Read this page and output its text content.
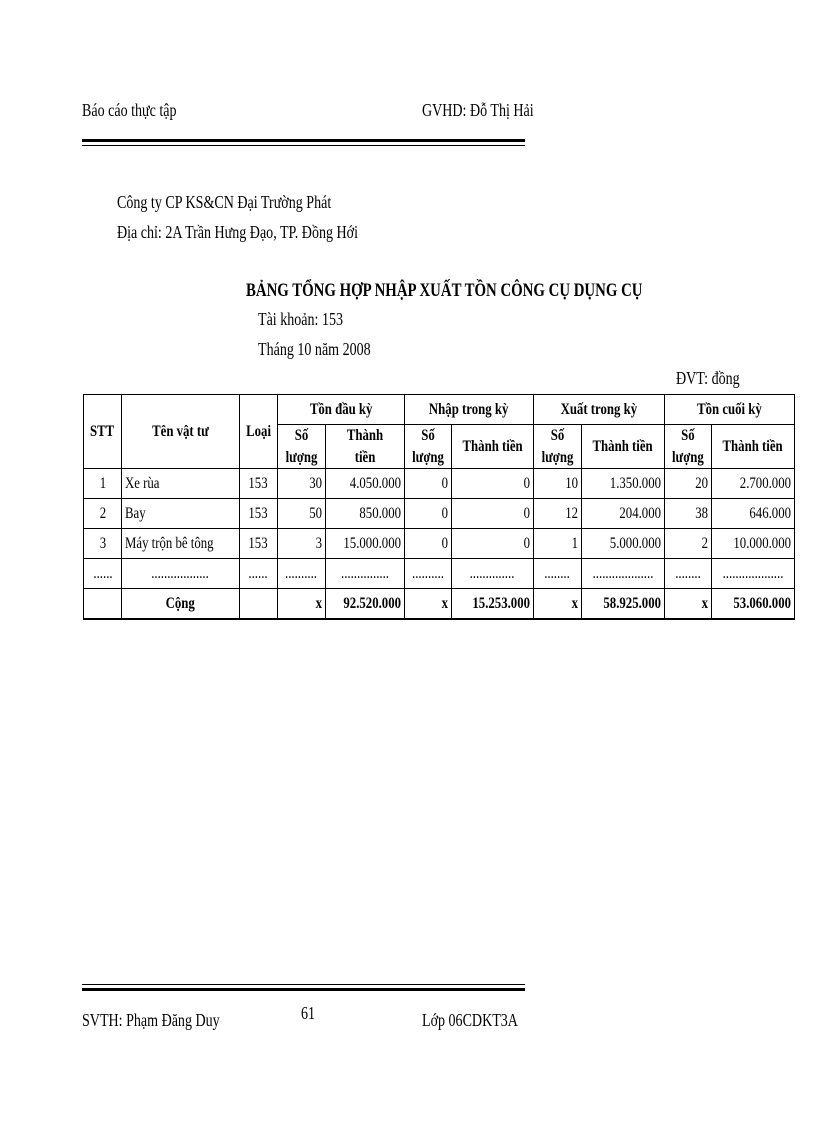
Báo cáo thực tập	GVHD: Đỗ Thị Hải
Công ty CP KS&CN Đại Trường Phát
Địa chỉ: 2A Trần Hưng Đạo, TP. Đồng Hới
BẢNG TỔNG HỢP NHẬP XUẤT TỒN CÔNG CỤ DỤNG CỤ
Tài khoản: 153
Tháng 10 năm 2008
ĐVT: đồng
STT	Tên vật tư	Loại	Tồn đầu kỳ		Nhập trong kỳ		Xuất trong kỳ		Tồn cuối kỳ	
			Số lượng	Thành tiền	Số lượng	Thành tiền	Số lượng	Thành tiền	Số lượng	Thành tiền

1	Xe rùa	153	30	4.050.000	0	0	10	1.350.000	20	2.700.000
2	Bay	153	50	850.000	0	0	12	204.000	38	646.000
3	Máy trộn bê tông	153	3	15.000.000	0	0	1	5.000.000	2	10.000.000
......	..................	......	..........	...............	..........	..............	........	...................	........	...................
	Cộng		x	92.520.000	x	15.253.000	x	58.925.000	x	53.060.000
SVTH: Phạm Đăng Duy	61	Lớp 06CDKT3A
